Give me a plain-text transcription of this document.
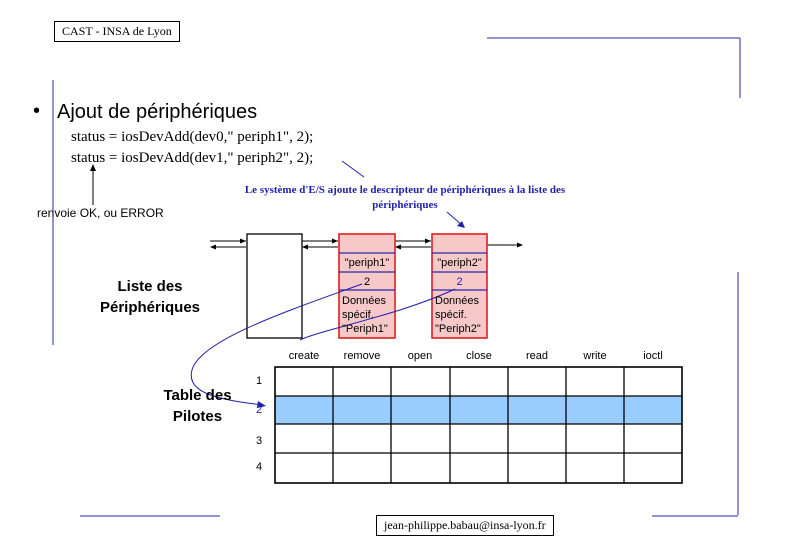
CAST - INSA de Lyon
• Ajout de périphériques
status = iosDevAdd(dev0," periph1", 2);
status = iosDevAdd(dev1," periph2", 2);
renvoie OK, ou ERROR
Le système d'E/S ajoute le descripteur de périphériques à la liste des périphériques
Liste des
Périphériques
"periph1"
2
Données
spécif.
"Periph1"
"periph2"
2
Données
spécif.
"Periph2"
Table des
Pilotes
create	remove	open	close	read	write	ioctl
1
2
3
4
jean-philippe.babau@insa-lyon.fr
